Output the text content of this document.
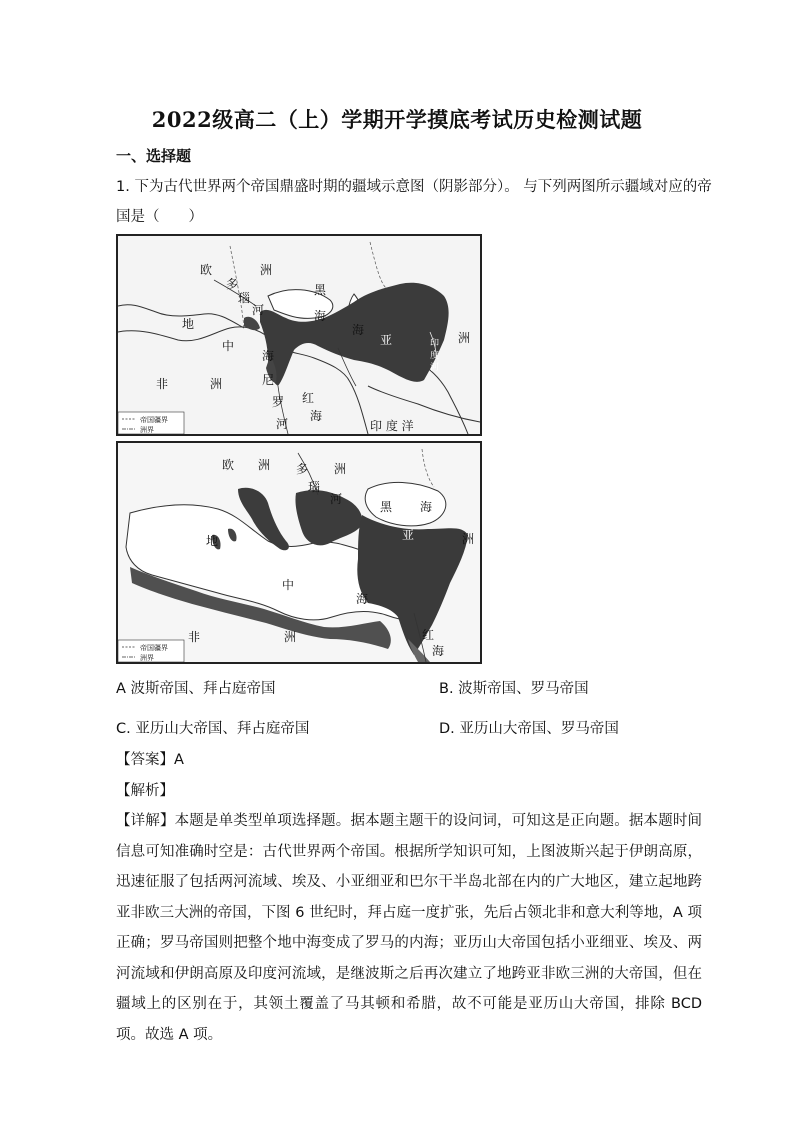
2022级高二（上）学期开学摸底考试历史检测试题
一、选择题
1. 下为古代世界两个帝国鼎盛时期的疆域示意图（阴影部分）。 与下列两图所示疆域对应的帝
国是（　　）
欧	洲
多
瑙
河
黑
海
海
地
中
海
亚	洲
印
度
河
非	洲	尼
罗
河
红
海
印 度 洋
帝国疆界
洲界
欧 洲 多
瑙
河
洲
黑 海
地
中
海
亚	洲
非	洲	红
海
帝国疆界
洲界
A 波斯帝国、拜占庭帝国	B. 波斯帝国、罗马帝国
C. 亚历山大帝国、拜占庭帝国	D. 亚历山大帝国、罗马帝国
【答案】A
【解析】
【详解】本题是单类型单项选择题。据本题主题干的设问词，可知这是正向题。据本题时间信息可知准确时空是：古代世界两个帝国。根据所学知识可知，上图波斯兴起于伊朗高原，迅速征服了包括两河流域、埃及、小亚细亚和巴尔干半岛北部在内的广大地区，建立起地跨亚非欧三大洲的帝国，下图 6 世纪时，拜占庭一度扩张，先后占领北非和意大利等地，A 项正确；罗马帝国则把整个地中海变成了罗马的内海；亚历山大帝国包括小亚细亚、埃及、两河流域和伊朗高原及印度河流域，是继波斯之后再次建立了地跨亚非欧三洲的大帝国，但在疆域上的区别在于，其领土覆盖了马其顿和希腊，故不可能是亚历山大帝国，排除 BCD 项。故选 A 项。
